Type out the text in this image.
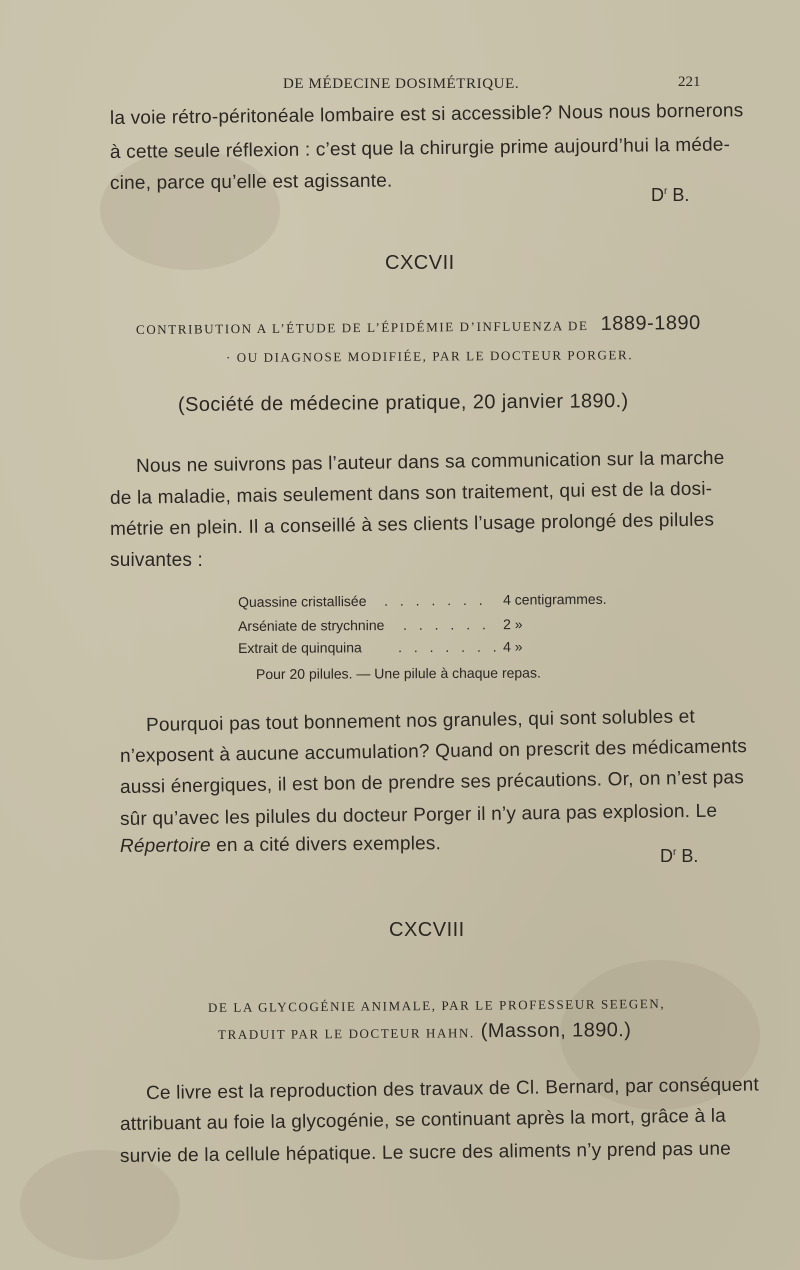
DE MÉDECINE DOSIMÉTRIQUE.	221
la voie rétro-péritonéale lombaire est si accessible? Nous nous bornerons
à cette seule réflexion : c’est que la chirurgie prime aujourd’hui la méde-
cine, parce qu’elle est agissante.
$D^r$ B.
CXCVII
CONTRIBUTION A L’ÉTUDE DE L’ÉPIDÉMIE D’INFLUENZA DE 1889-1890
· OU DIAGNOSE MODIFIÉE, PAR LE DOCTEUR PORGER.
(Société de médecine pratique, 20 janvier 1890.)
Nous ne suivrons pas l’auteur dans sa communication sur la marche
de la maladie, mais seulement dans son traitement, qui est de la dosi-
métrie en plein. Il a conseillé à ses clients l’usage prolongé des pilules
suivantes :
Quassine cristallisée . . . . . . . 4 centigrammes.
Arséniate de strychnine . . . . . . 2 »
Extrait de quinquina	. . . . . . . 4 »
Pour 20 pilules. — Une pilule à chaque repas.
Pourquoi pas tout bonnement nos granules, qui sont solubles et
n’exposent à aucune accumulation? Quand on prescrit des médicaments
aussi énergiques, il est bon de prendre ses précautions. Or, on n’est pas
sûr qu’avec les pilules du docteur Porger il n’y aura pas explosion. Le
Répertoire en a cité divers exemples.	$D^r$ B.
CXCVIII
DE LA GLYCOGÉNIE ANIMALE, PAR LE PROFESSEUR SEEGEN,
TRADUIT PAR LE DOCTEUR HAHN. (Masson, 1890.)
Ce livre est la reproduction des travaux de Cl. Bernard, par conséquent
attribuant au foie la glycogénie, se continuant après la mort, grâce à la
survie de la cellule hépatique. Le sucre des aliments n’y prend pas une
